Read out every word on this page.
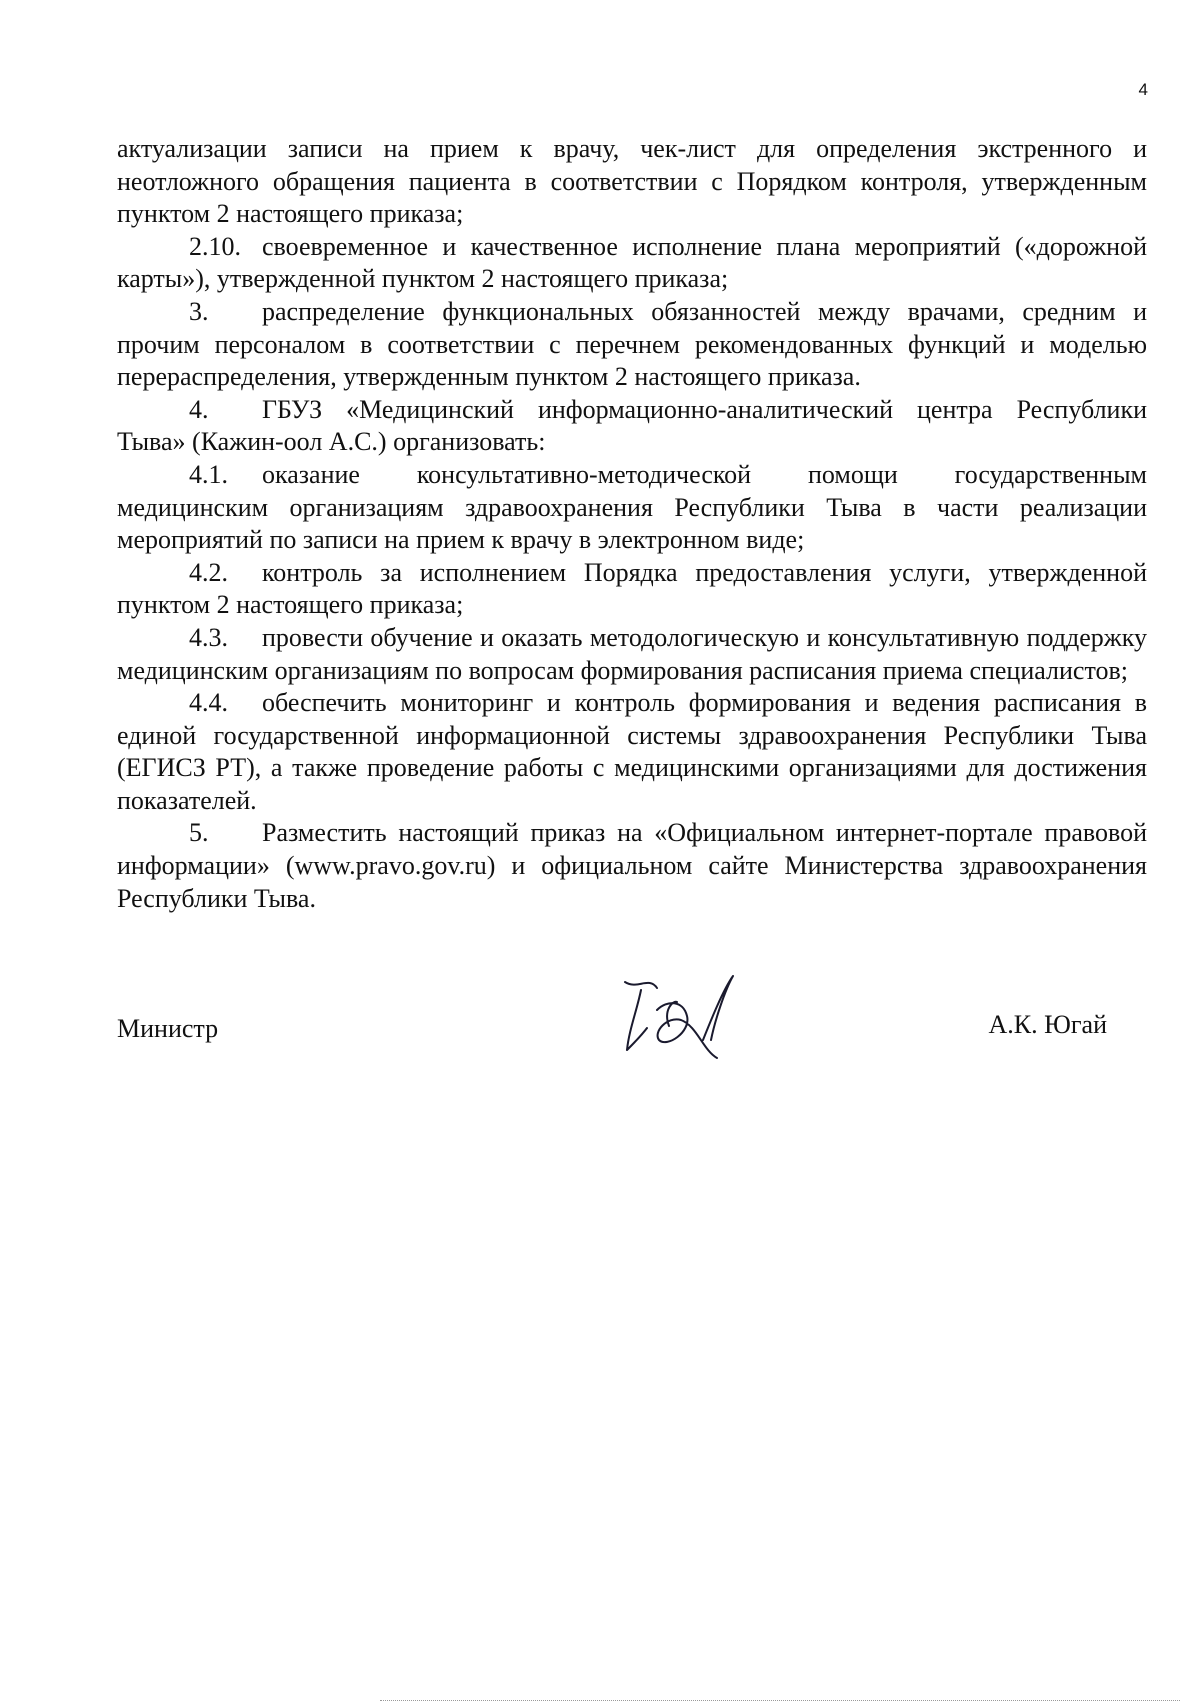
4

актуализации записи на прием к врачу, чек-лист для определения экстренного и неотложного обращения пациента в соответствии с Порядком контроля, утвержденным пунктом 2 настоящего приказа;

2.10. своевременное и качественное исполнение плана мероприятий («дорожной карты»), утвержденной пунктом 2 настоящего приказа;

3. распределение функциональных обязанностей между врачами, средним и прочим персоналом в соответствии с перечнем рекомендованных функций и моделью перераспределения, утвержденным пунктом 2 настоящего приказа.

4. ГБУЗ «Медицинский информационно-аналитический центра Республики Тыва» (Кажин-оол А.С.) организовать:

4.1. оказание консультативно-методической помощи государственным медицинским организациям здравоохранения Республики Тыва в части реализации мероприятий по записи на прием к врачу в электронном виде;

4.2. контроль за исполнением Порядка предоставления услуги, утвержденной пунктом 2 настоящего приказа;

4.3. провести обучение и оказать методологическую и консультативную поддержку медицинским организациям по вопросам формирования расписания приема специалистов;

4.4. обеспечить мониторинг и контроль формирования и ведения расписания в единой государственной информационной системы здравоохранения Республики Тыва (ЕГИСЗ РТ), а также проведение работы с медицинскими организациями для достижения показателей.

5. Разместить настоящий приказ на «Официальном интернет-портале правовой информации» (www.pravo.gov.ru) и официальном сайте Министерства здравоохранения Республики Тыва.

Министр	А.К. Югай
